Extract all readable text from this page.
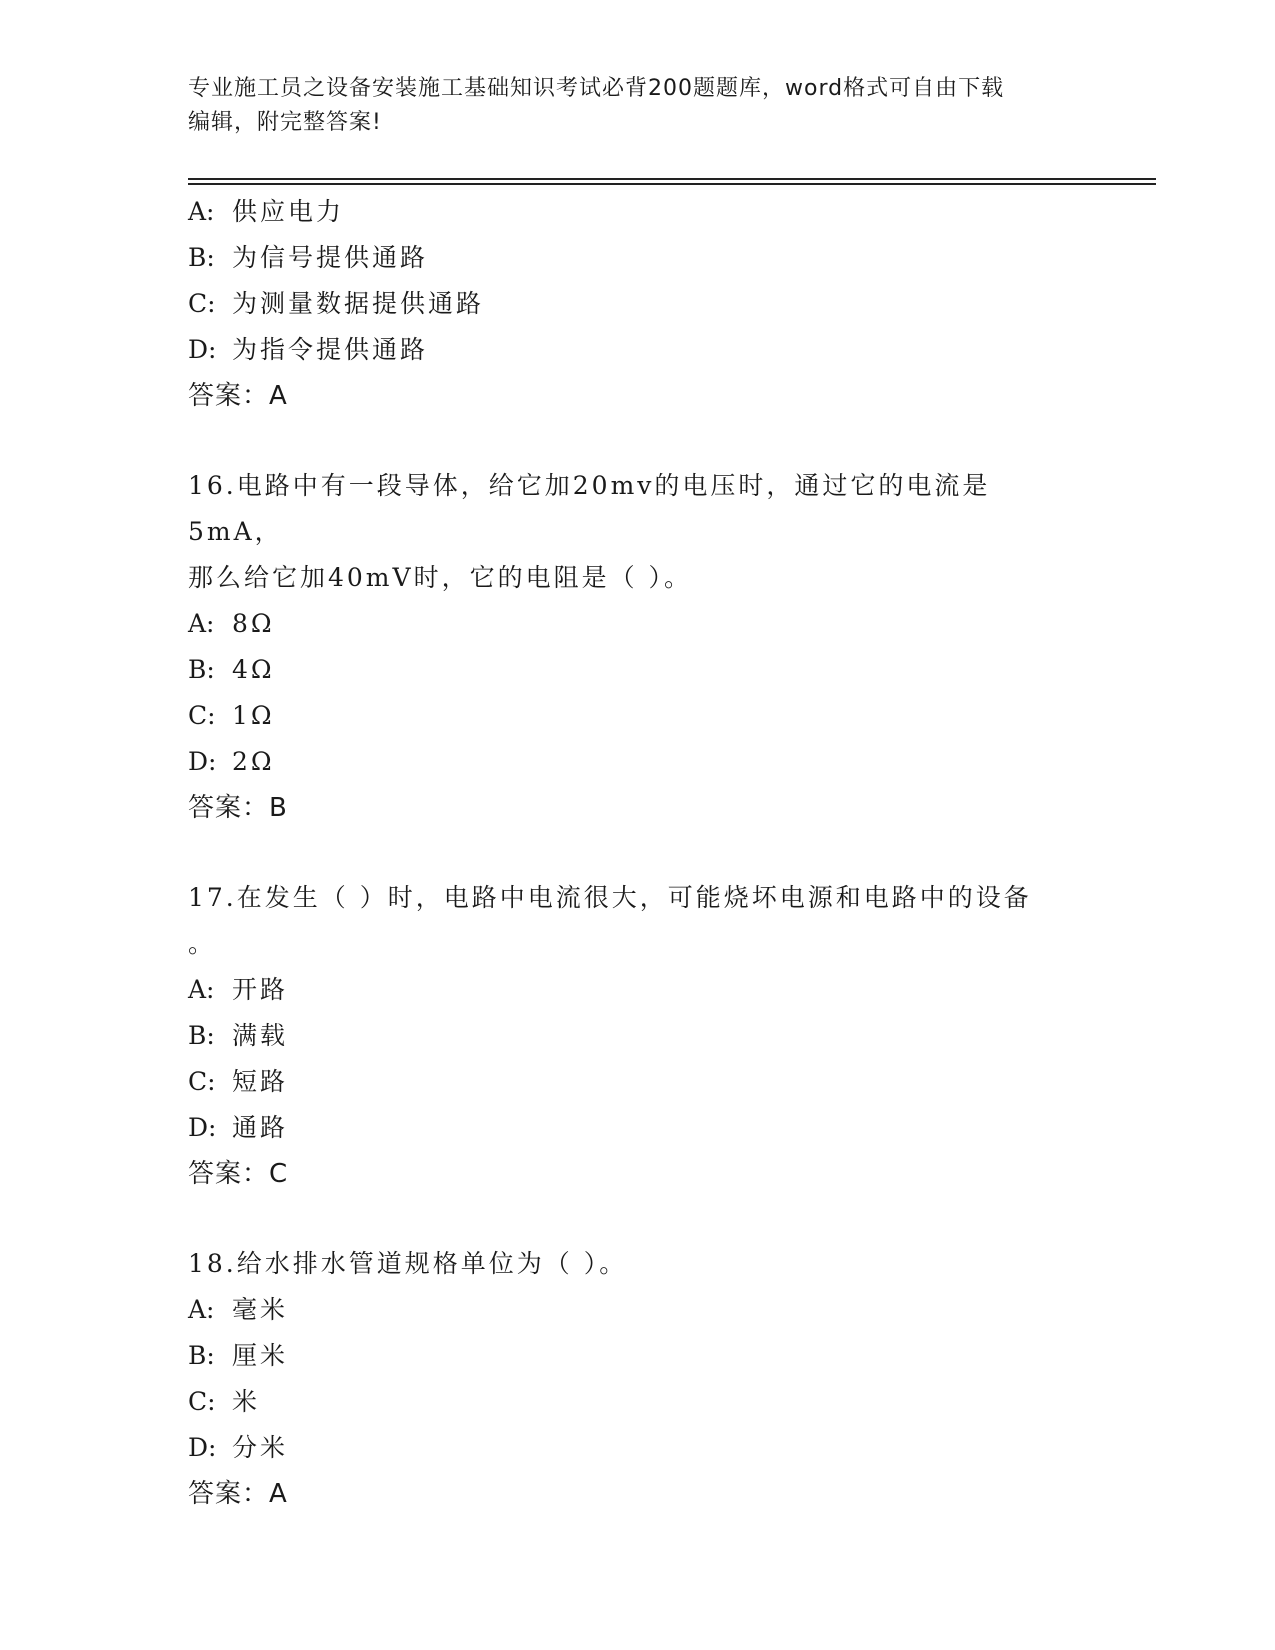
专业施工员之设备安装施工基础知识考试必背200题题库，word格式可自由下载
编辑，附完整答案!
A: 供应电力
B: 为信号提供通路
C: 为测量数据提供通路
D: 为指令提供通路
答案：A
16.电路中有一段导体，给它加20mv的电压时，通过它的电流是5mA，
那么给它加40mV时，它的电阻是（ ）。
A: 8Ω
B: 4Ω
C: 1Ω
D: 2Ω
答案：B
17.在发生（ ）时，电路中电流很大，可能烧坏电源和电路中的设备
。
A: 开路
B: 满载
C: 短路
D: 通路
答案：C
18.给水排水管道规格单位为（ ）。
A: 毫米
B: 厘米
C: 米
D: 分米
答案：A
